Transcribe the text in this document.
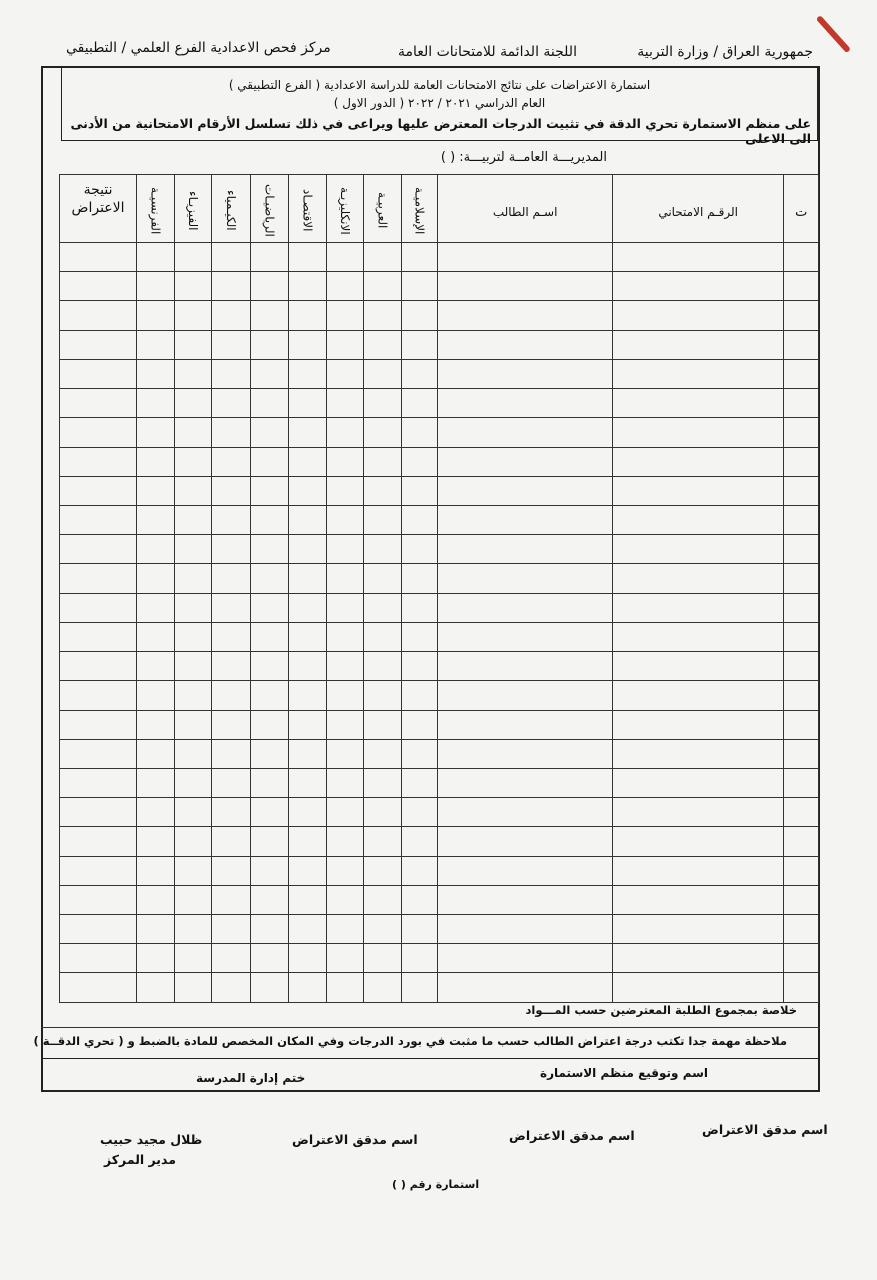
جمهورية العراق / وزارة التربية
اللجنة الدائمة للامتحانات العامة
مركز فحص الاعدادية الفرع العلمي / التطبيقي
استمارة الاعتراضات على نتائج الامتحانات العامة للدراسة الاعدادية ( الفرع التطبيقي )
العام الدراسي ٢٠٢١ / ٢٠٢٢ ( الدور الاول )
على منظم الاستمارة تحري الدقة في تثبيت الدرجات المعترض عليها ويراعى في ذلك تسلسل الأرقام الامتحانية من الأدنى الى الاعلى
المديريـــة العامــة لتربيـــة: ( )
نتيجة
الاعتراض	الفرنسيـة	الفيزيـاء	الكيـمياء	الرياضيـات	الاقتصـاد	الانكليزيـة	العربيـة	الإسلاميـة	اسـم الطالب	الرقـم الامتحاني	ت

خلاصة بمجموع الطلبة المعترضين حسب المـــواد
ملاحظة مهمة جدا تكتب درجة اعتراض الطالب حسب ما مثبت في بورد الدرجات وفي المكان المخصص للمادة بالضبط و ( تحري الدقــة )
اسم وتوقيع منظم الاستمارة
ختم إدارة المدرسة
اسم مدقق الاعتراض
اسم مدقق الاعتراض
اسم مدقق الاعتراض
ظلال مجيد حبيب
مدير المركز
استمارة رقم ( )
